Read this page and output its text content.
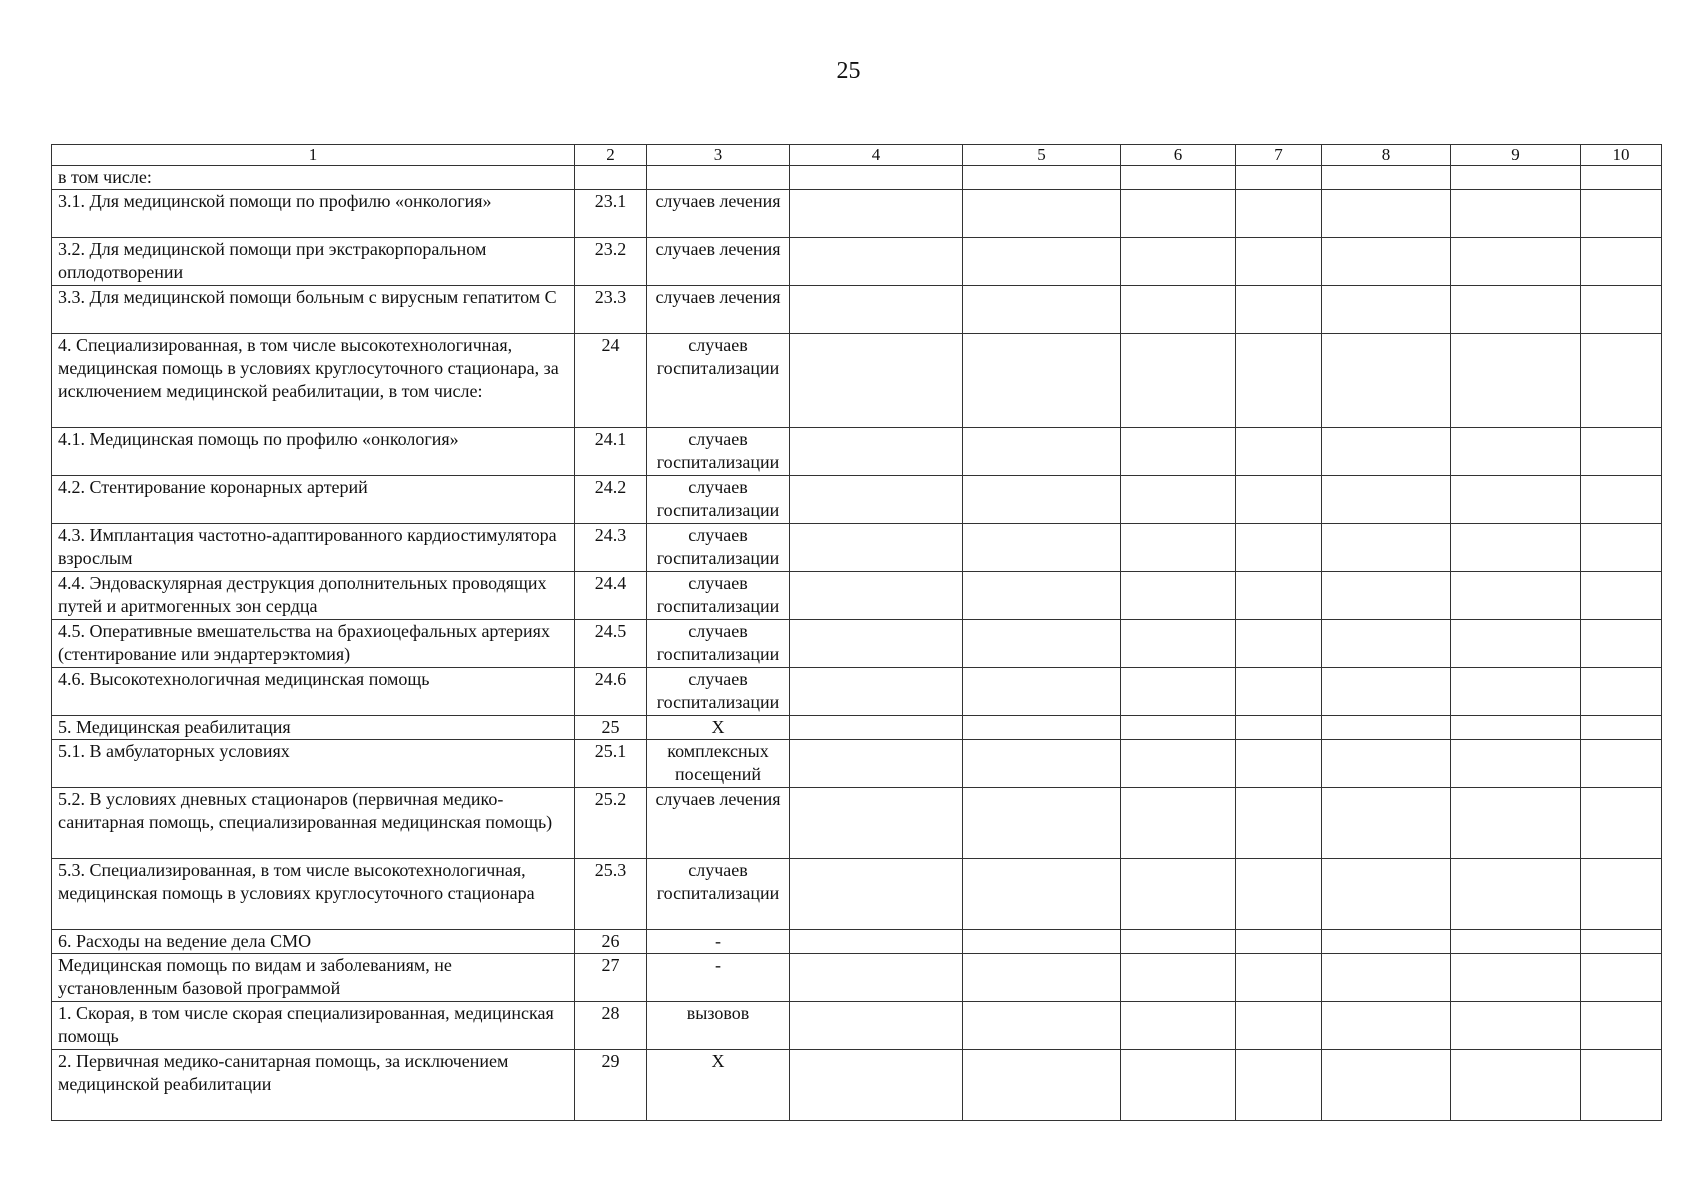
25
1	2	3	4	5	6	7	8	9	10
в том числе:									
3.1. Для медицинской помощи по профилю «онкология»	23.1	случаев лечения							
3.2. Для медицинской помощи при экстракорпоральном оплодотворении	23.2	случаев лечения							
3.3. Для медицинской помощи больным с вирусным гепатитом С	23.3	случаев лечения							
4. Специализированная, в том числе высокотехнологичная, медицинская помощь в условиях круглосуточного стационара, за исключением медицинской реабилитации, в том числе:	24	случаев госпитализации							
4.1. Медицинская помощь по профилю «онкология»	24.1	случаев госпитализации							
4.2. Стентирование коронарных артерий	24.2	случаев госпитализации							
4.3. Имплантация частотно-адаптированного кардиостимулятора взрослым	24.3	случаев госпитализации							
4.4. Эндоваскулярная деструкция дополнительных проводящих путей и аритмогенных зон сердца	24.4	случаев госпитализации							
4.5. Оперативные вмешательства на брахиоцефальных артериях (стентирование или эндартерэктомия)	24.5	случаев госпитализации							
4.6. Высокотехнологичная медицинская помощь	24.6	случаев госпитализации							
5. Медицинская реабилитация	25	Х							
5.1. В амбулаторных условиях	25.1	комплексных посещений							
5.2. В условиях дневных стационаров (первичная медико-санитарная помощь, специализированная медицинская помощь)	25.2	случаев лечения							
5.3. Специализированная, в том числе высокотехнологичная, медицинская помощь в условиях круглосуточного стационара	25.3	случаев госпитализации							
6. Расходы на ведение дела СМО	26	-							
Медицинская помощь по видам и заболеваниям, не установленным базовой программой	27	-							
1. Скорая, в том числе скорая специализированная, медицинская помощь	28	вызовов							
2. Первичная медико-санитарная помощь, за исключением медицинской реабилитации	29	Х							
